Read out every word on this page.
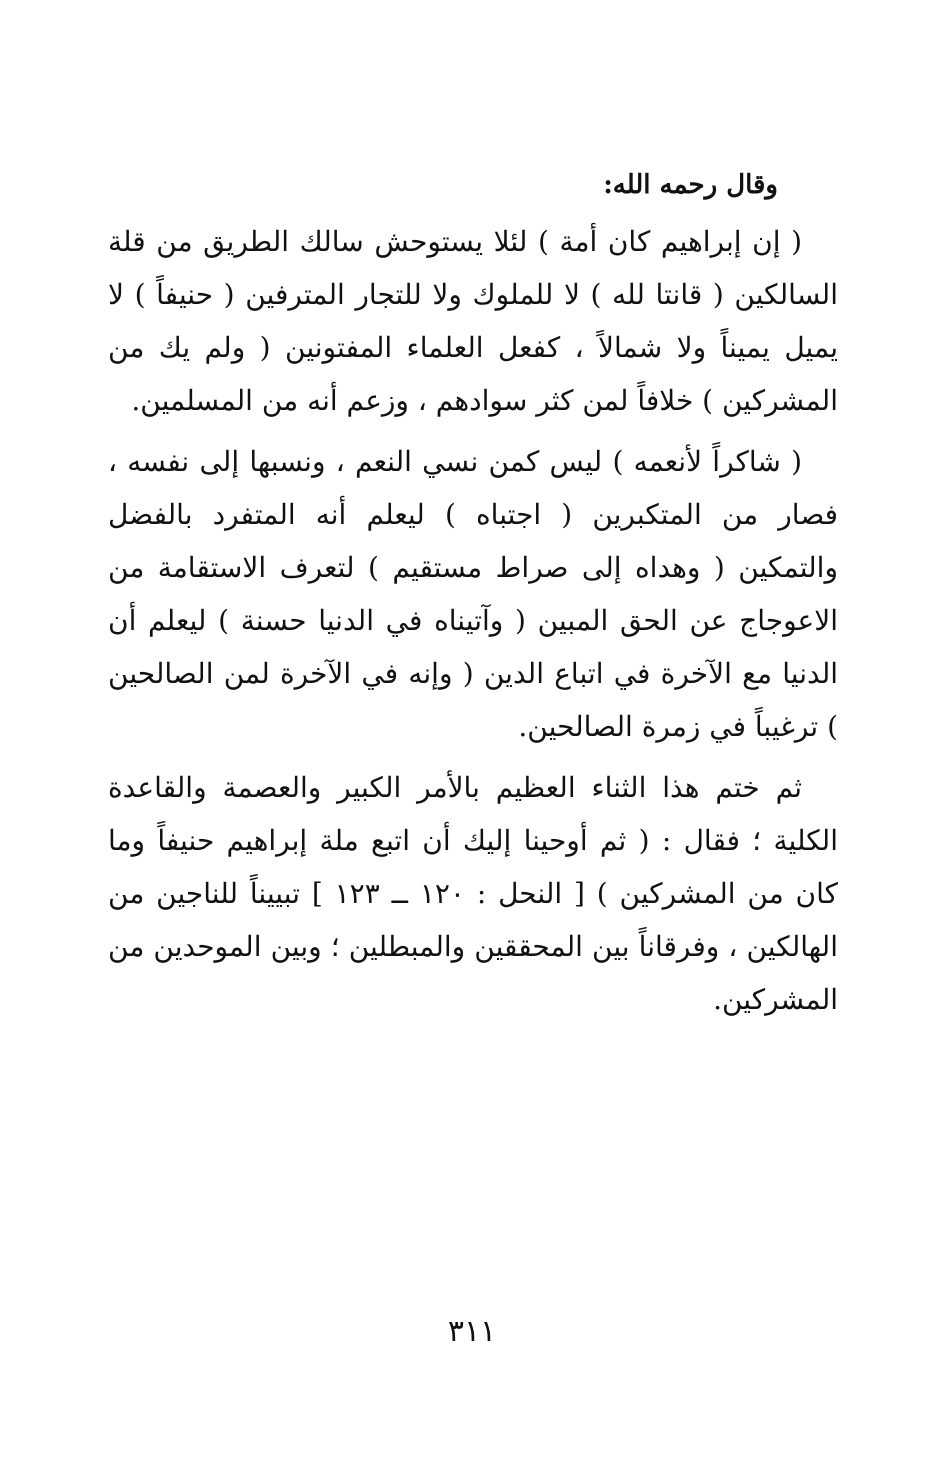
وقال رحمه الله:

( إن إبراهيم كان أمة ) لئلا يستوحش سالك الطريق من قلة السالكين ( قانتا لله ) لا للملوك ولا للتجار المترفين ( حنيفاً ) لا يميل يميناً ولا شمالاً ، كفعل العلماء المفتونين ( ولم يك من المشركين ) خلافاً لمن كثر سوادهم ، وزعم أنه من المسلمين.

( شاكراً لأنعمه ) ليس كمن نسي النعم ، ونسبها إلى نفسه ، فصار من المتكبرين ( اجتباه ) ليعلم أنه المتفرد بالفضل والتمكين ( وهداه إلى صراط مستقيم ) لتعرف الاستقامة من الاعوجاج عن الحق المبين ( وآتيناه في الدنيا حسنة ) ليعلم أن الدنيا مع الآخرة في اتباع الدين ( وإنه في الآخرة لمن الصالحين ) ترغيباً في زمرة الصالحين.

ثم ختم هذا الثناء العظيم بالأمر الكبير والعصمة والقاعدة الكلية ؛ فقال : ( ثم أوحينا إليك أن اتبع ملة إبراهيم حنيفاً وما كان من المشركين ) [ النحل : ١٢٠ ــ ١٢٣ ] تبييناً للناجين من الهالكين ، وفرقاناً بين المحققين والمبطلين ؛ وبين الموحدين من المشركين.

٣١١
